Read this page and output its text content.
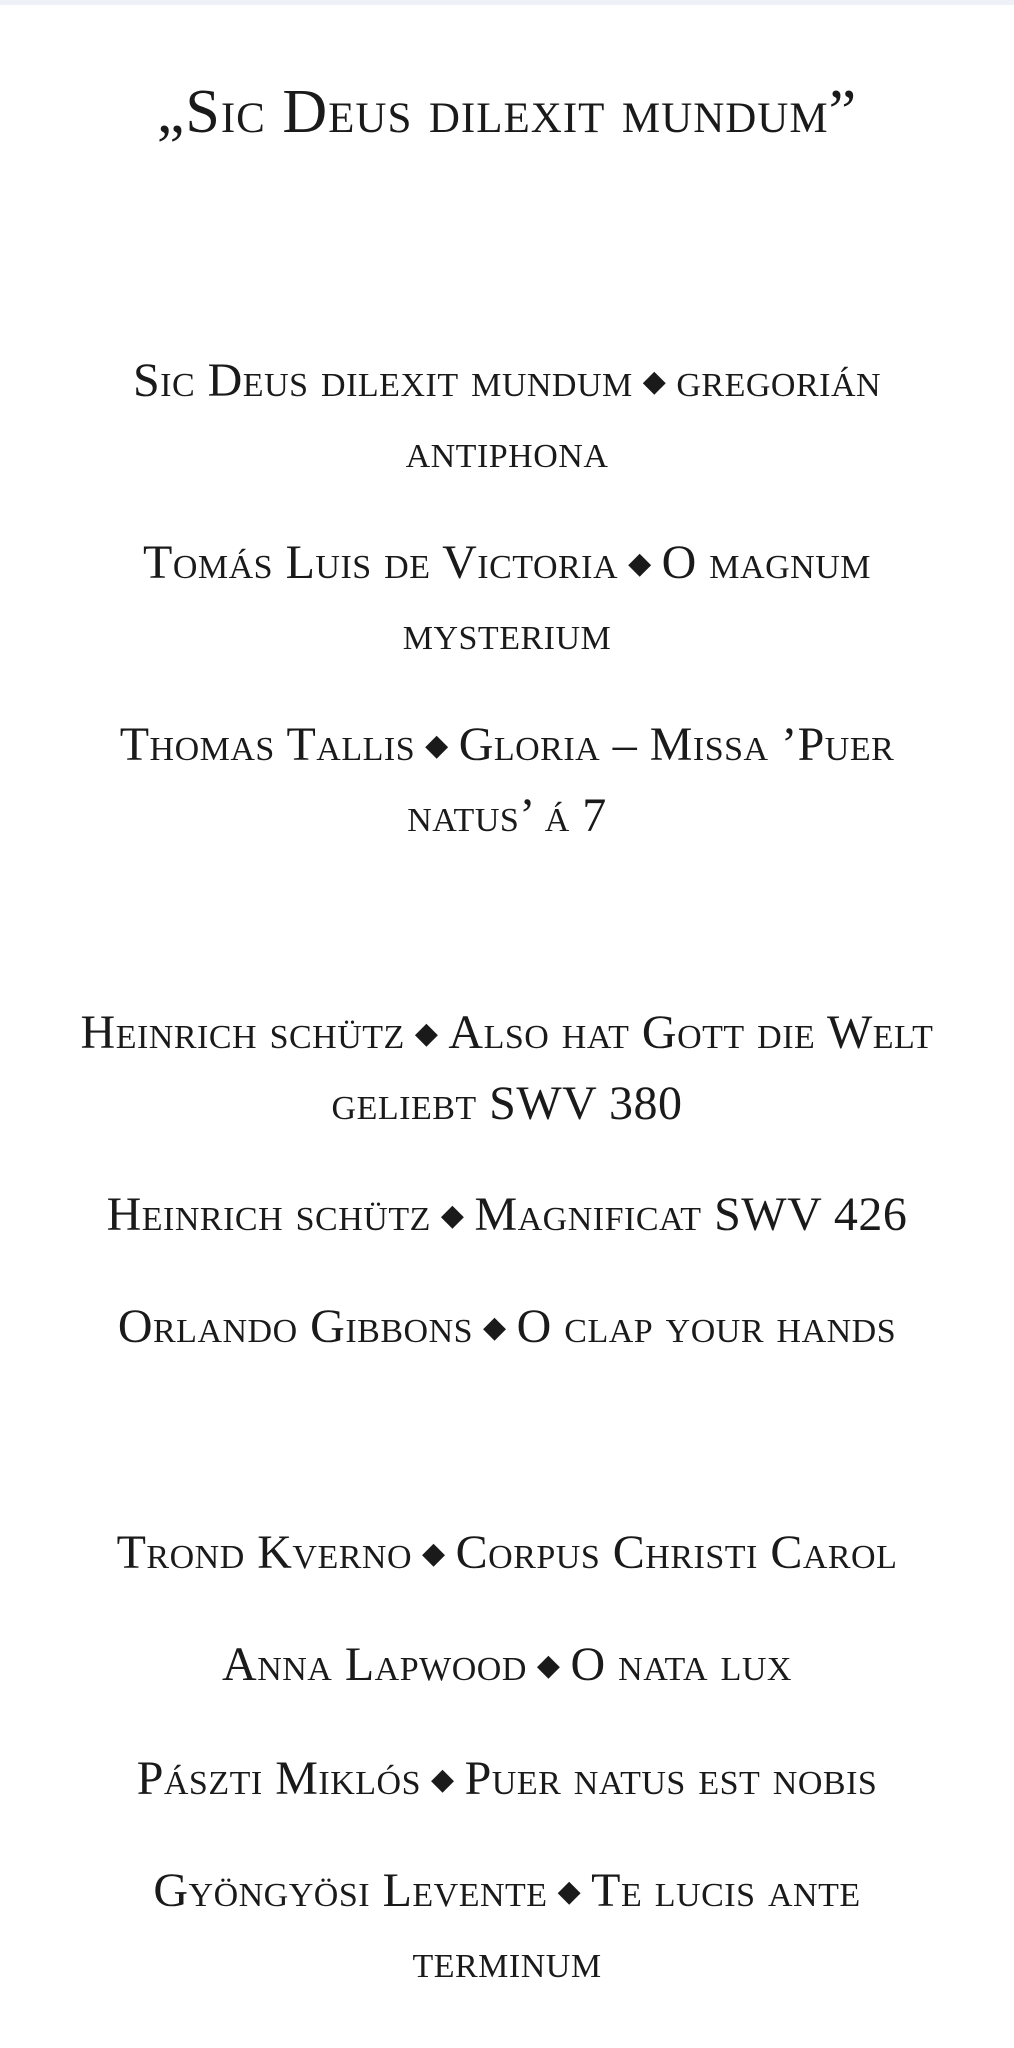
„Sic Deus dilexit mundum”
Sic Deus dilexit mundum ◆ gregorián antiphona
Tomás Luis de Victoria ◆ O magnum mysterium
Thomas Tallis ◆ Gloria – Missa ’Puer natus’ á 7
Heinrich schütz ◆ Also hat Gott die Welt geliebt SWV 380
Heinrich schütz ◆ Magnificat SWV 426
Orlando Gibbons ◆ O clap your hands
Trond Kverno ◆ Corpus Christi Carol
Anna Lapwood ◆ O nata lux
Pászti Miklós ◆ Puer natus est nobis
Gyöngyösi Levente ◆ Te lucis ante terminum
